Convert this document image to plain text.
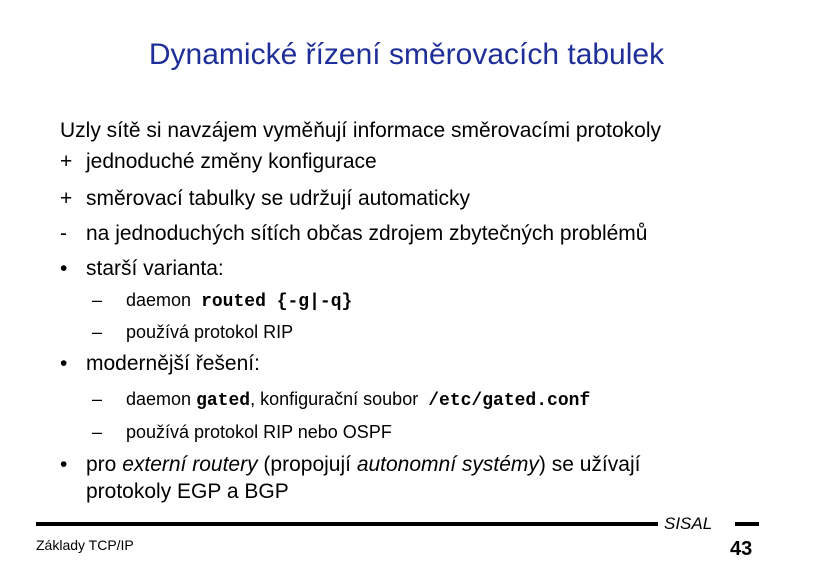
Dynamické řízení směrovacích tabulek
Uzly sítě si navzájem vyměňují informace směrovacími protokoly
+ jednoduché změny konfigurace
+ směrovací tabulky se udržují automaticky
- na jednoduchých sítích občas zdrojem zbytečných problémů
• starší varianta:
– daemon routed {-g|-q}
– používá protokol RIP
• modernější řešení:
– daemon gated, konfigurační soubor /etc/gated.conf
– používá protokol RIP nebo OSPF
• pro externí routery (propojují autonomní systémy) se užívají
protokoly EGP a BGP
SISAL
Základy TCP/IP	43
